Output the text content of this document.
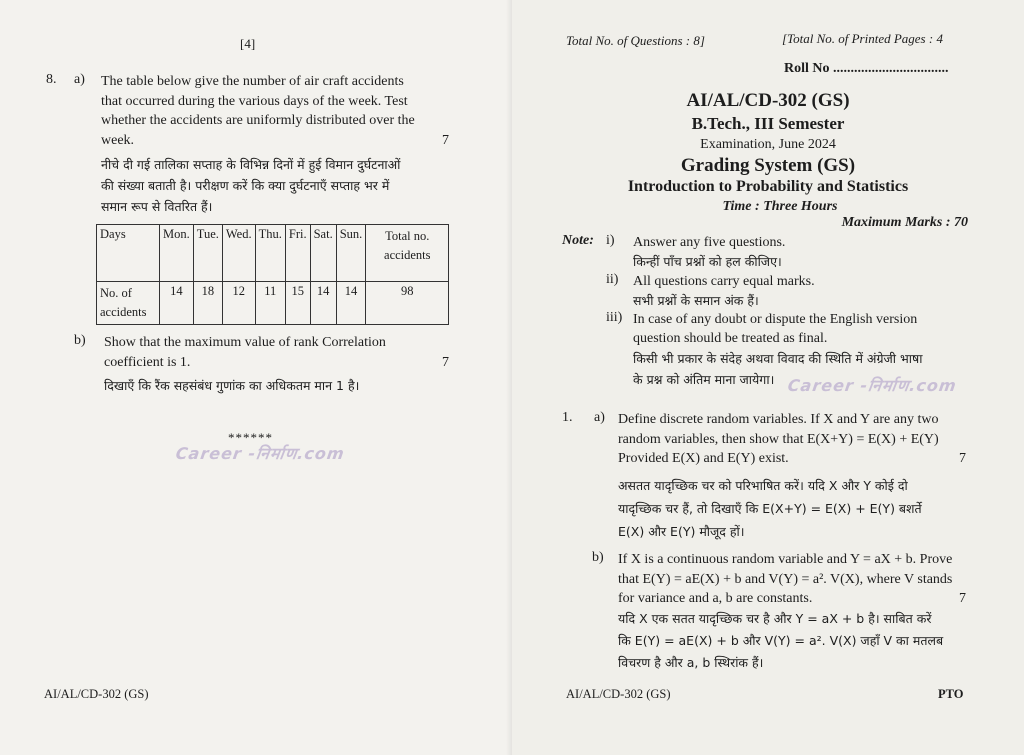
[4]
8. a) The table below give the number of air craft accidents
that occurred during the various days of the week. Test
whether the accidents are uniformly distributed over the
week.	7
नीचे दी गई तालिका सप्ताह के विभिन्न दिनों में हुई विमान दुर्घटनाओं
की संख्या बताती है। परीक्षण करें कि क्या दुर्घटनाएँ सप्ताह भर में
समान रूप से वितरित हैं।
Days	Mon.	Tue.	Wed.	Thu.	Fri.	Sat.	Sun.	Total no. accidents
No. of accidents	14	18	12	11	15	14	14	98
b) Show that the maximum value of rank Correlation
coefficient is 1.	7
दिखाएँ कि रैंक सहसंबंध गुणांक का अधिकतम मान 1 है।
******
Career -निर्माण.com
AI/AL/CD-302 (GS)
Total No. of Questions : 8]	[Total No. of Printed Pages : 4
Roll No .................................
AI/AL/CD-302 (GS)
B.Tech., III Semester
Examination, June 2024
Grading System (GS)
Introduction to Probability and Statistics
Time : Three Hours
Maximum Marks : 70
Note: i) Answer any five questions.
किन्हीं पाँच प्रश्नों को हल कीजिए।
ii) All questions carry equal marks.
सभी प्रश्नों के समान अंक हैं।
iii) In case of any doubt or dispute the English version
question should be treated as final.
किसी भी प्रकार के संदेह अथवा विवाद की स्थिति में अंग्रेजी भाषा
के प्रश्न को अंतिम माना जायेगा। Career -निर्माण.com
1. a) Define discrete random variables. If X and Y are any two
random variables, then show that E(X+Y) = E(X) + E(Y)
Provided E(X) and E(Y) exist.	7
असतत यादृच्छिक चर को परिभाषित करें। यदि X और Y कोई दो
यादृच्छिक चर हैं, तो दिखाएँ कि E(X+Y) = E(X) + E(Y) बशर्ते
E(X) और E(Y) मौजूद हों।
b) If X is a continuous random variable and Y = aX + b. Prove
that E(Y) = aE(X) + b and V(Y) = a². V(X), where V stands
for variance and a, b are constants.	7
यदि X एक सतत यादृच्छिक चर है और Y = aX + b है। साबित करें
कि E(Y) = aE(X) + b और V(Y) = a². V(X) जहाँ V का मतलब
विचरण है और a, b स्थिरांक हैं।
AI/AL/CD-302 (GS)	PTO
